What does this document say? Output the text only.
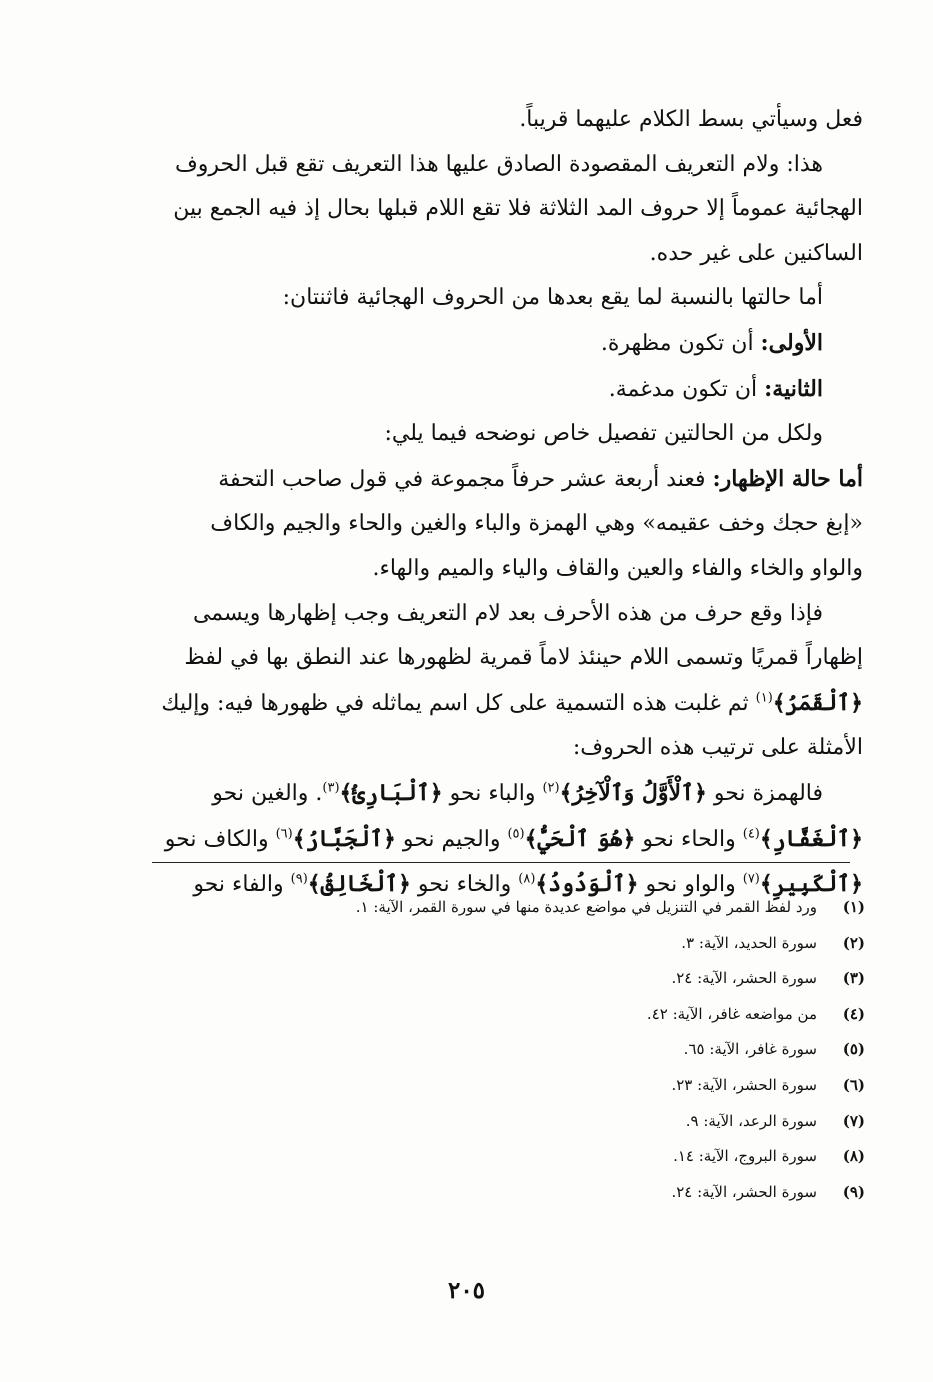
فعل وسيأتي بسط الكلام عليهما قريباً.
هذا: ولام التعريف المقصودة الصادق عليها هذا التعريف تقع قبل الحروف
الهجائية عموماً إلا حروف المد الثلاثة فلا تقع اللام قبلها بحال إذ فيه الجمع بين
الساكنين على غير حده.
أما حالتها بالنسبة لما يقع بعدها من الحروف الهجائية فاثنتان:
الأولى: أن تكون مظهرة.
الثانية: أن تكون مدغمة.
ولكل من الحالتين تفصيل خاص نوضحه فيما يلي:
أما حالة الإظهار: فعند أربعة عشر حرفاً مجموعة في قول صاحب التحفة
«إبغ حجك وخف عقيمه» وهي الهمزة والباء والغين والحاء والجيم والكاف
والواو والخاء والفاء والعين والقاف والياء والميم والهاء.
فإذا وقع حرف من هذه الأحرف بعد لام التعريف وجب إظهارها ويسمى
إظهاراً قمريًا وتسمى اللام حينئذ لاماً قمرية لظهورها عند النطق بها في لفظ
﴿ٱلْقَمَرُ﴾$^{(١)}$ ثم غلبت هذه التسمية على كل اسم يماثله في ظهورها فيه: وإليك
الأمثلة على ترتيب هذه الحروف:
فالهمزة نحو ﴿ٱلْأَوَّلُ وَٱلْآخِرُ﴾$^{(٢)}$ والباء نحو ﴿ٱلْبَارِئُ﴾$^{(٣)}$. والغين نحو
﴿ٱلْغَفَّارِ﴾$^{(٤)}$ والحاء نحو ﴿هُوَ ٱلْحَيُّ﴾$^{(٥)}$ والجيم نحو ﴿ٱلْجَبَّارُ﴾$^{(٦)}$ والكاف نحو
﴿ٱلْكَبِيرِ﴾$^{(٧)}$ والواو نحو ﴿ٱلْوَدُودُ﴾$^{(٨)}$ والخاء نحو ﴿ٱلْخَالِقُ﴾$^{(٩)}$ والفاء نحو
(١)ورد لفظ القمر في التنزيل في مواضع عديدة منها في سورة القمر، الآية: ١.
(٢)سورة الحديد، الآية: ٣.
(٣)سورة الحشر، الآية: ٢٤.
(٤)من مواضعه غافر، الآية: ٤٢.
(٥)سورة غافر، الآية: ٦٥.
(٦)سورة الحشر، الآية: ٢٣.
(٧)سورة الرعد، الآية: ٩.
(٨)سورة البروج، الآية: ١٤.
(٩)سورة الحشر، الآية: ٢٤.
٢٠٥
